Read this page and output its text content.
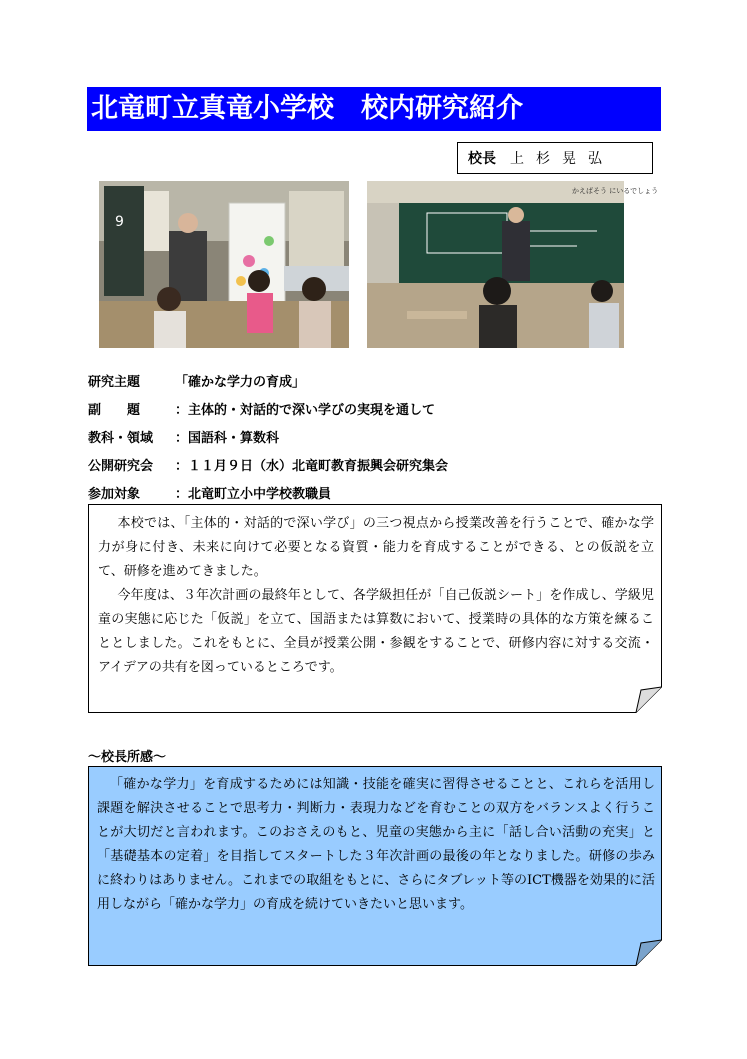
北竜町立真竜小学校　校内研究紹介
校長 上杉晃弘
9
かえばそう にいるでしょう
研究主題	「確かな学力の育成」
副　　題	：主体的・対話的で深い学びの実現を通して
教科・領域	：国語科・算数科
公開研究会	：１１月９日（水）北竜町教育振興会研究集会
参加対象	：北竜町立小中学校教職員

本校では、「主体的・対話的で深い学び」の三つ視点から授業改善を行うことで、確かな学力が身に付き、未来に向けて必要となる資質・能力を育成することができる、との仮説を立て、研修を進めてきました。

今年度は、３年次計画の最終年として、各学級担任が「自己仮説シート」を作成し、学級児童の実態に応じた「仮説」を立て、国語または算数において、授業時の具体的な方策を練ることとしました。これをもとに、全員が授業公開・参観をすることで、研修内容に対する交流・アイデアの共有を図っているところです。

～校長所感～

「確かな学力」を育成するためには知識・技能を確実に習得させることと、これらを活用し課題を解決させることで思考力・判断力・表現力などを育むことの双方をバランスよく行うことが大切だと言われます。このおさえのもと、児童の実態から主に「話し合い活動の充実」と「基礎基本の定着」を目指してスタートした３年次計画の最後の年となりました。研修の歩みに終わりはありません。これまでの取組をもとに、さらにタブレット等のICT機器を効果的に活用しながら「確かな学力」の育成を続けていきたいと思います。
